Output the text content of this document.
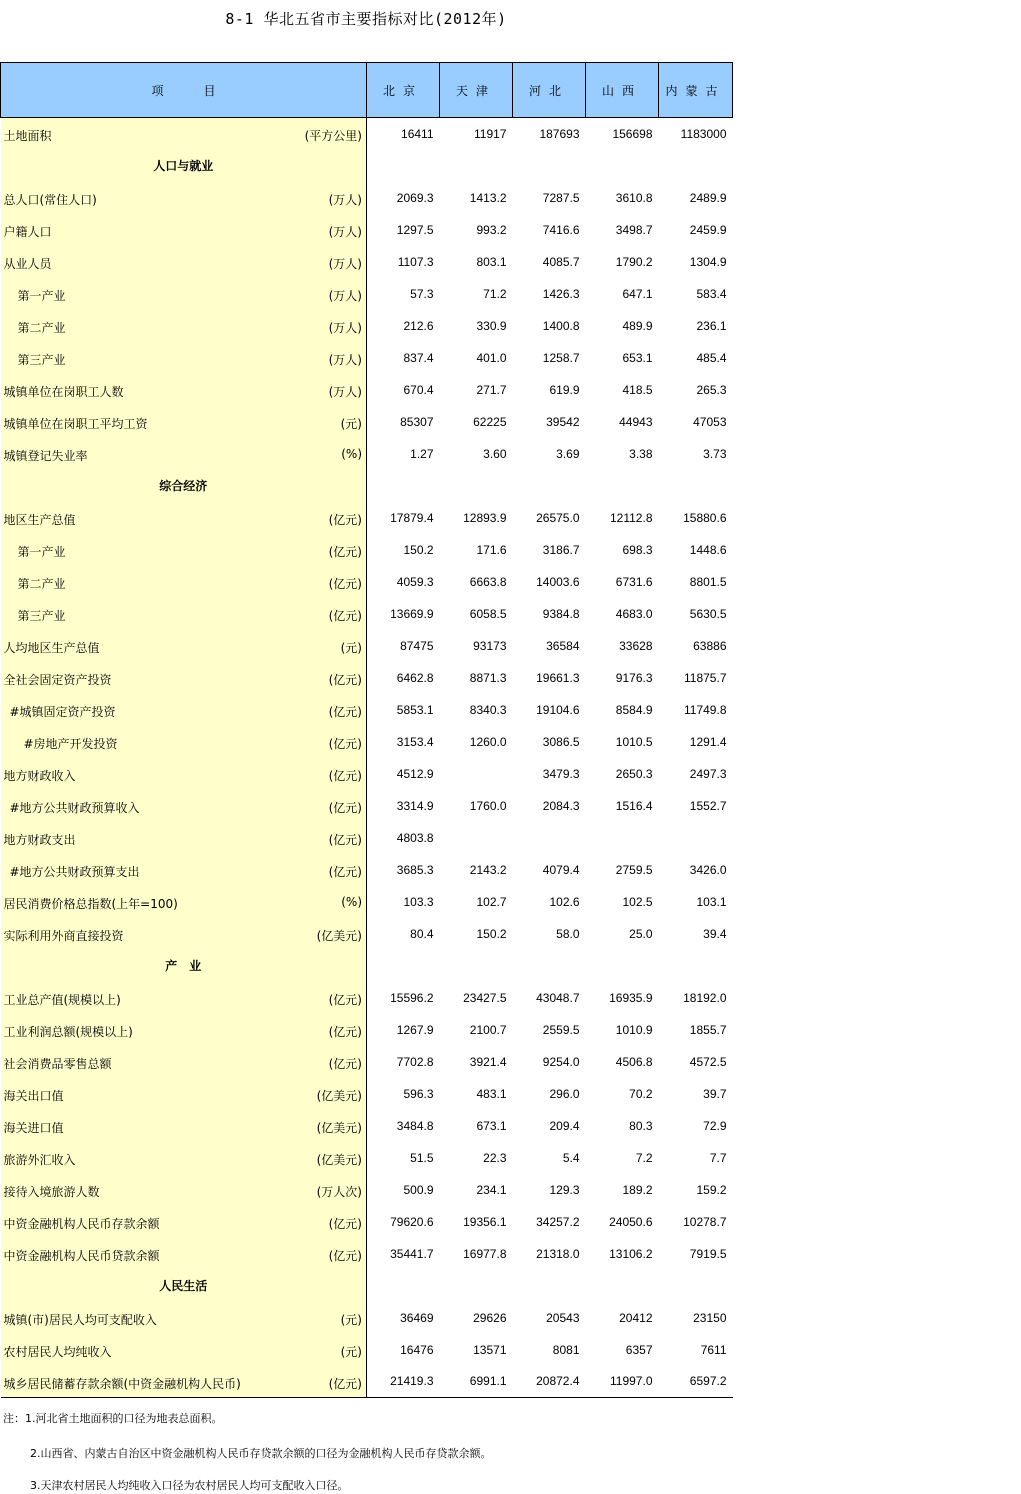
8-1 华北五省市主要指标对比(2012年)
项目	北京	天津	河北	山西	内蒙古

土地面积 (平方公里)	16411	11917	187693	156698	1183000
人口与就业					

总人口(常住人口) (万人)	2069.3	1413.2	7287.5	3610.8	2489.9

户籍人口 (万人)	1297.5	993.2	7416.6	3498.7	2459.9

从业人员 (万人)	1107.3	803.1	4085.7	1790.2	1304.9

第一产业 (万人)	57.3	71.2	1426.3	647.1	583.4

第二产业 (万人)	212.6	330.9	1400.8	489.9	236.1

第三产业 (万人)	837.4	401.0	1258.7	653.1	485.4

城镇单位在岗职工人数 (万人)	670.4	271.7	619.9	418.5	265.3

城镇单位在岗职工平均工资 (元)	85307	62225	39542	44943	47053

城镇登记失业率 (%)	1.27	3.60	3.69	3.38	3.73
综合经济					

地区生产总值 (亿元)	17879.4	12893.9	26575.0	12112.8	15880.6

第一产业 (亿元)	150.2	171.6	3186.7	698.3	1448.6

第二产业 (亿元)	4059.3	6663.8	14003.6	6731.6	8801.5

第三产业 (亿元)	13669.9	6058.5	9384.8	4683.0	5630.5

人均地区生产总值 (元)	87475	93173	36584	33628	63886

全社会固定资产投资 (亿元)	6462.8	8871.3	19661.3	9176.3	11875.7

#城镇固定资产投资 (亿元)	5853.1	8340.3	19104.6	8584.9	11749.8

#房地产开发投资 (亿元)	3153.4	1260.0	3086.5	1010.5	1291.4

地方财政收入 (亿元)	4512.9		3479.3	2650.3	2497.3

#地方公共财政预算收入 (亿元)	3314.9	1760.0	2084.3	1516.4	1552.7

地方财政支出 (亿元)	4803.8				

#地方公共财政预算支出 (亿元)	3685.3	2143.2	4079.4	2759.5	3426.0

居民消费价格总指数(上年=100) (%)	103.3	102.7	102.6	102.5	103.1

实际利用外商直接投资 (亿美元)	80.4	150.2	58.0	25.0	39.4
产　业					

工业总产值(规模以上) (亿元)	15596.2	23427.5	43048.7	16935.9	18192.0

工业利润总额(规模以上) (亿元)	1267.9	2100.7	2559.5	1010.9	1855.7

社会消费品零售总额 (亿元)	7702.8	3921.4	9254.0	4506.8	4572.5

海关出口值 (亿美元)	596.3	483.1	296.0	70.2	39.7

海关进口值 (亿美元)	3484.8	673.1	209.4	80.3	72.9

旅游外汇收入 (亿美元)	51.5	22.3	5.4	7.2	7.7

接待入境旅游人数 (万人次)	500.9	234.1	129.3	189.2	159.2

中资金融机构人民币存款余额 (亿元)	79620.6	19356.1	34257.2	24050.6	10278.7

中资金融机构人民币贷款余额 (亿元)	35441.7	16977.8	21318.0	13106.2	7919.5
人民生活					

城镇(市)居民人均可支配收入 (元)	36469	29626	20543	20412	23150

农村居民人均纯收入 (元)	16476	13571	8081	6357	7611

城乡居民储蓄存款余额(中资金融机构人民币) (亿元)	21419.3	6991.1	20872.4	11997.0	6597.2
注：1.河北省土地面积的口径为地表总面积。
2.山西省、内蒙古自治区中资金融机构人民币存贷款余额的口径为金融机构人民币存贷款余额。
3.天津农村居民人均纯收入口径为农村居民人均可支配收入口径。
